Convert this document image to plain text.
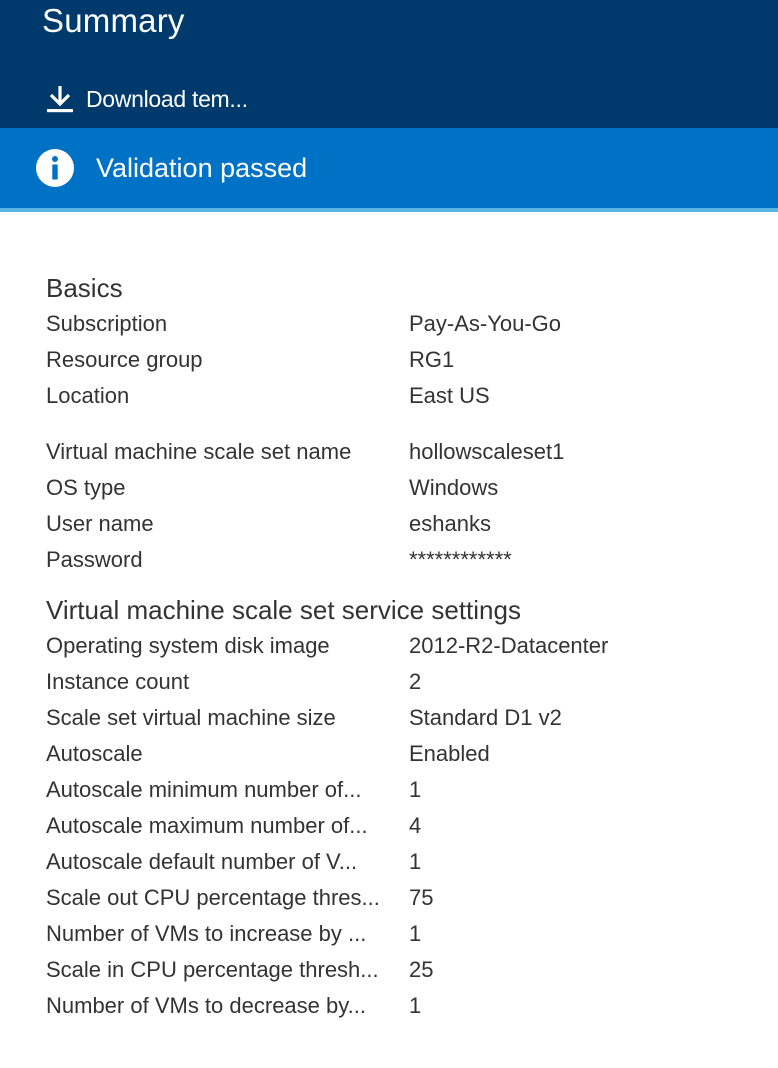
Summary
Download tem...
Validation passed
Basics
Subscription	Pay-As-You-Go
Resource group	RG1
Location	East US
Virtual machine scale set name	hollowscaleset1
OS type	Windows
User name	eshanks
Password	************
Virtual machine scale set service settings
Operating system disk image	2012-R2-Datacenter
Instance count	2
Scale set virtual machine size	Standard D1 v2
Autoscale	Enabled
Autoscale minimum number of...	1
Autoscale maximum number of...	4
Autoscale default number of V...	1
Scale out CPU percentage thres...	75
Number of VMs to increase by ...	1
Scale in CPU percentage thresh...	25
Number of VMs to decrease by...	1
